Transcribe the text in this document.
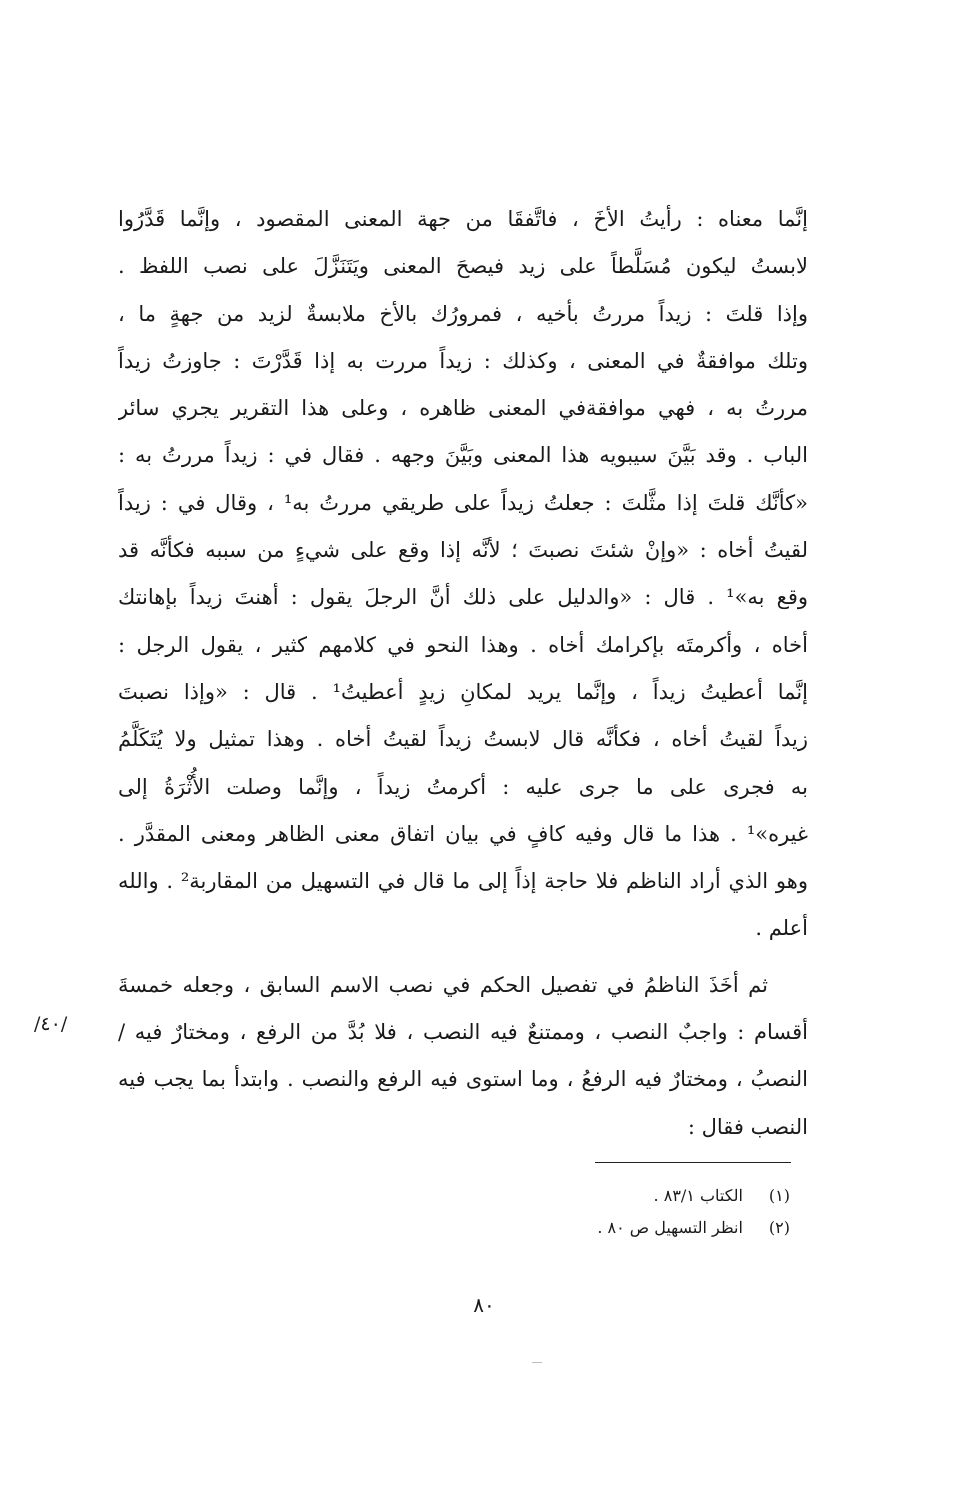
إنَّما معناه : رأيتُ الأخَ ، فاتَّفقَا من جهة المعنى المقصود ، وإنَّما قَدَّرُوا
لابستُ ليكون مُسَلَّطاً على زيد فيصحَ المعنى ويَتَنَزَّلَ على نصب اللفظ .
وإذا قلتَ : زيداً مررتُ بأخيه ، فمرورُك بالأخ ملابسةٌ لزيد من جهةٍ ما ،
وتلك موافقةٌ في المعنى ، وكذلك : زيداً مررت به إذا قَدَّرْتَ : جاوزتُ زيداً
مررتُ به ، فهي موافقةفي المعنى ظاهره ، وعلى هذا التقرير يجري سائر
الباب . وقد بَيَّنَ سيبويه هذا المعنى وبَيَّنَ وجهه . فقال في : زيداً مررتُ به :
«كأنَّك قلتَ إذا مثَّلتَ : جعلتُ زيداً على طريقي مررتُ به¹ ، وقال في : زيداً
لقيتُ أخاه : «وإنْ شئتَ نصبتَ ؛ لأنَّه إذا وقع على شيءٍ من سببه فكأنَّه قد
وقع به»¹ . قال : «والدليل على ذلك أنَّ الرجلَ يقول : أهنتَ زيداً بإهانتك
أخاه ، وأكرمتَه بإكرامك أخاه . وهذا النحو في كلامهم كثير ، يقول الرجل :
إنَّما أعطيتُ زيداً ، وإنَّما يريد لمكانِ زيدٍ أعطيتُ¹ . قال : «وإذا نصبتَ
زيداً لقيتُ أخاه ، فكأنَّه قال لابستُ زيداً لقيتُ أخاه . وهذا تمثيل ولا يُتَكَلَّمُ
به فجرى على ما جرى عليه : أكرمتُ زيداً ، وإنَّما وصلت الأُثْرَةُ إلى
غيره»¹ . هذا ما قال وفيه كافٍ في بيان اتفاق معنى الظاهر ومعنى المقدَّر .
وهو الذي أراد الناظم فلا حاجة إذاً إلى ما قال في التسهيل من المقاربة² . والله
أعلم .
ثم أخَذَ الناظمُ في تفصيل الحكم في نصب الاسم السابق ، وجعله خمسةَ
أقسام : واجبٌ النصب ، وممتنعٌ فيه النصب ، فلا بُدَّ من الرفع ، ومختارٌ فيه /
النصبُ ، ومختارٌ فيه الرفعُ ، وما استوى فيه الرفع والنصب . وابتدأ بما يجب فيه
النصب فقال :
/٤٠/
(١) الكتاب ٨٣/١ .
(٢) انظر التسهيل ص ٨٠ .
٨٠
